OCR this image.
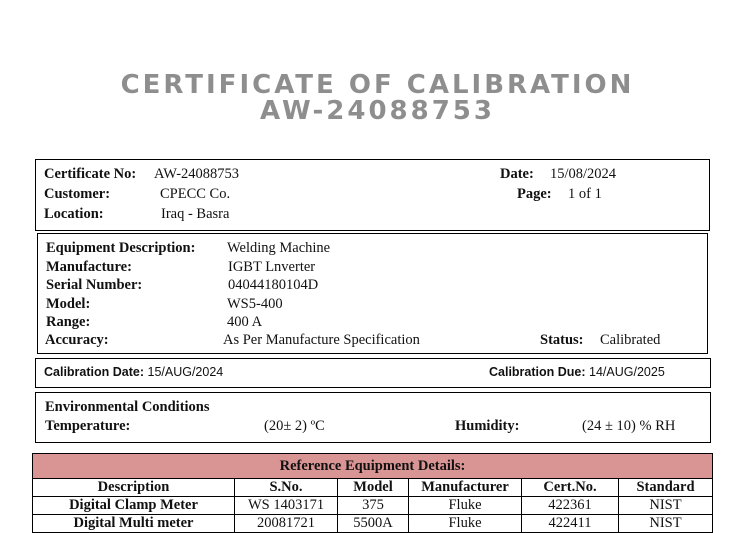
CERTIFICATE OF CALIBRATION
AW-24088753
Certificate No: AW-24088753	Date: 15/08/2024
Customer:	CPECC Co.	Page: 1 of 1
Location:	Iraq - Basra
Equipment Description: Welding Machine
Manufacture:	IGBT Lnverter
Serial Number:	04044180104D
Model:	WS5-400
Range:	400 A
Accuracy:	As Per Manufacture Specification	Status: Calibrated
Calibration Date: 15/AUG/2024	Calibration Due: 14/AUG/2025
Environmental Conditions
Temperature:	(20± 2) ºC	Humidity:	(24 ± 10) % RH
Reference Equipment Details:					
Description	S.No.	Model	Manufacturer	Cert.No.	Standard
Digital Clamp Meter	WS 1403171	375	Fluke	422361	NIST
Digital Multi meter	20081721	5500A	Fluke	422411	NIST
